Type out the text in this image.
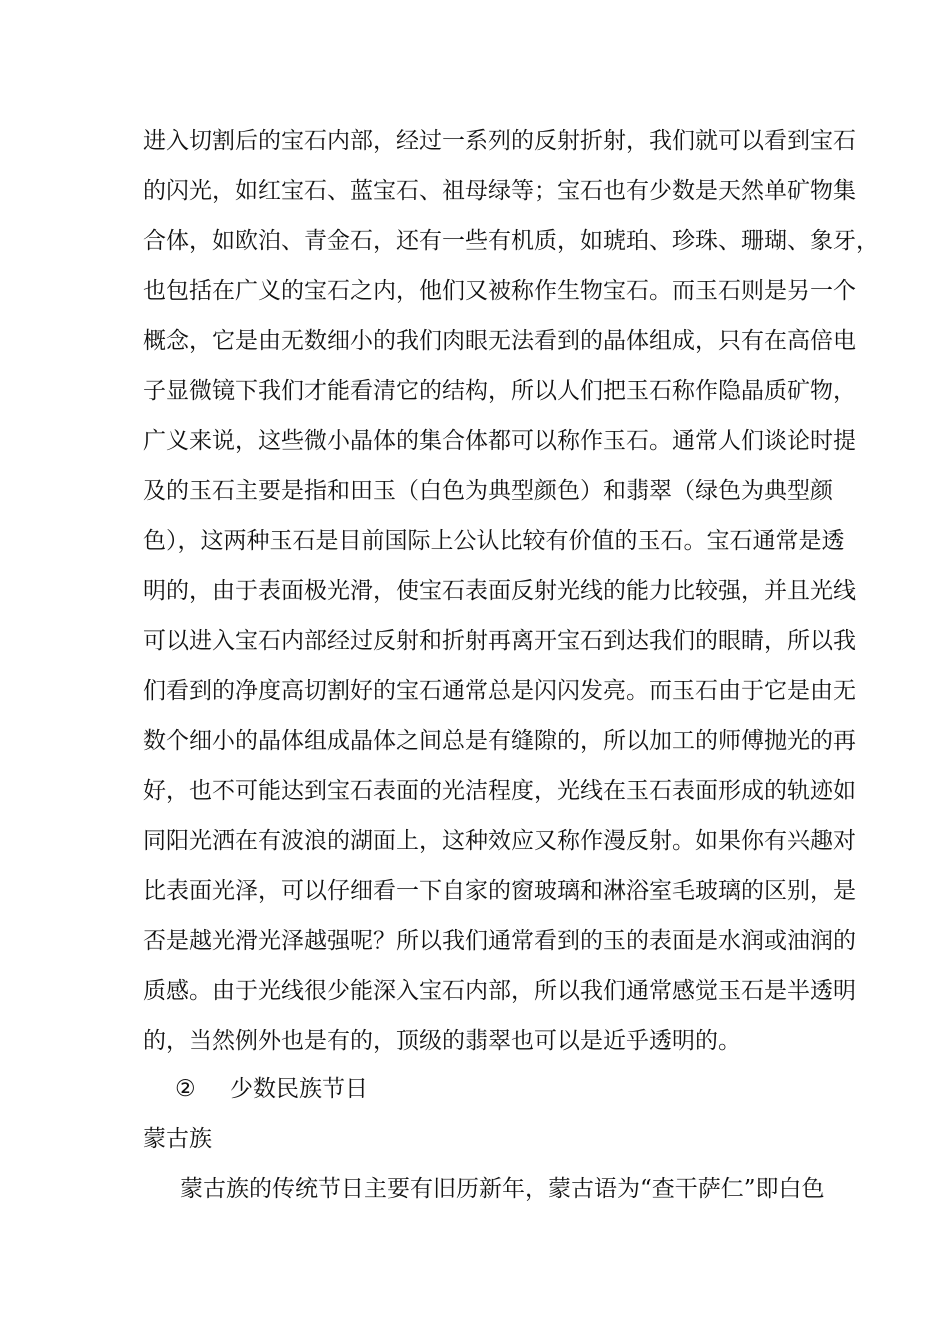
进入切割后的宝石内部，经过一系列的反射折射，我们就可以看到宝石
的闪光，如红宝石、蓝宝石、祖母绿等；宝石也有少数是天然单矿物集
合体，如欧泊、青金石，还有一些有机质，如琥珀、珍珠、珊瑚、象牙，
也包括在广义的宝石之内，他们又被称作生物宝石。而玉石则是另一个
概念，它是由无数细小的我们肉眼无法看到的晶体组成，只有在高倍电
子显微镜下我们才能看清它的结构，所以人们把玉石称作隐晶质矿物，
广义来说，这些微小晶体的集合体都可以称作玉石。通常人们谈论时提
及的玉石主要是指和田玉（白色为典型颜色）和翡翠（绿色为典型颜
色），这两种玉石是目前国际上公认比较有价值的玉石。宝石通常是透
明的，由于表面极光滑，使宝石表面反射光线的能力比较强，并且光线
可以进入宝石内部经过反射和折射再离开宝石到达我们的眼睛，所以我
们看到的净度高切割好的宝石通常总是闪闪发亮。而玉石由于它是由无
数个细小的晶体组成晶体之间总是有缝隙的，所以加工的师傅抛光的再
好，也不可能达到宝石表面的光洁程度，光线在玉石表面形成的轨迹如
同阳光洒在有波浪的湖面上，这种效应又称作漫反射。如果你有兴趣对
比表面光泽，可以仔细看一下自家的窗玻璃和淋浴室毛玻璃的区别，是
否是越光滑光泽越强呢？所以我们通常看到的玉的表面是水润或油润的
质感。由于光线很少能深入宝石内部，所以我们通常感觉玉石是半透明
的，当然例外也是有的，顶级的翡翠也可以是近乎透明的。
② 少数民族节日
蒙古族
蒙古族的传统节日主要有旧历新年，蒙古语为“查干萨仁”即白色
